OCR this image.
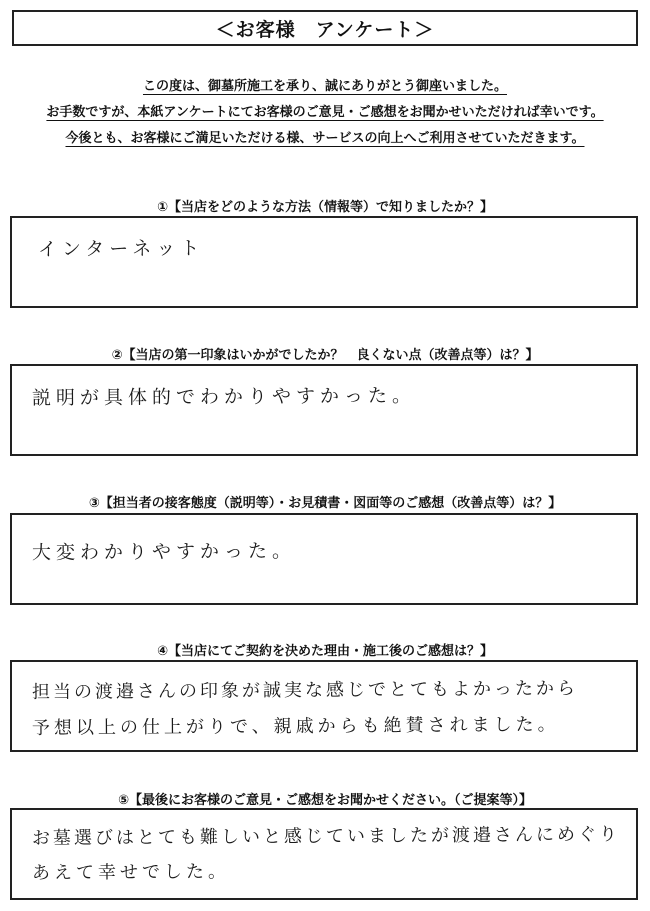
＜お客様　アンケート＞

この度は、御墓所施工を承り、誠にありがとう御座いました。

お手数ですが、本紙アンケートにてお客様のご意見・ご感想をお聞かせいただければ幸いです。

今後とも、お客様にご満足いただける様、サービスの向上へご利用させていただきます。

①【当店をどのような方法（情報等）で知りましたか？】
インターネット
②【当店の第一印象はいかがでしたか？　良くない点（改善点等）は？】
説明が具体的でわかりやすかった。
③【担当者の接客態度（説明等）・お見積書・図面等のご感想（改善点等）は？】
大変わかりやすかった。
④【当店にてご契約を決めた理由・施工後のご感想は？】
担当の渡邉さんの印象が誠実な感じでとてもよかったから
予想以上の仕上がりで、親戚からも絶賛されました。
⑤【最後にお客様のご意見・ご感想をお聞かせください。（ご提案等）】
お墓選びはとても難しいと感じていましたが渡邉さんにめぐり
あえて幸せでした。
